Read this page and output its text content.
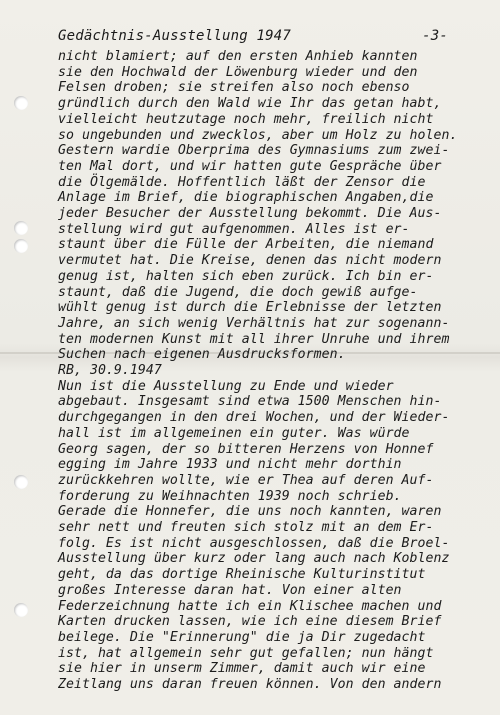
Gedächtnis-Ausstellung 1947	-3-
nicht blamiert; auf den ersten Anhieb kannten
sie den Hochwald der Löwenburg wieder und den
Felsen droben; sie streifen also noch ebenso
gründlich durch den Wald wie Ihr das getan habt,
vielleicht heutzutage noch mehr, freilich nicht
so ungebunden und zwecklos, aber um Holz zu holen.
Gestern wardie Oberprima des Gymnasiums zum zwei-
ten Mal dort, und wir hatten gute Gespräche über
die Ölgemälde. Hoffentlich läßt der Zensor die
Anlage im Brief, die biographischen Angaben,die
jeder Besucher der Ausstellung bekommt. Die Aus-
stellung wird gut aufgenommen. Alles ist er-
staunt über die Fülle der Arbeiten, die niemand
vermutet hat. Die Kreise, denen das nicht modern
genug ist, halten sich eben zurück. Ich bin er-
staunt, daß die Jugend, die doch gewiß aufge-
wühlt genug ist durch die Erlebnisse der letzten
Jahre, an sich wenig Verhältnis hat zur sogenann-
ten modernen Kunst mit all ihrer Unruhe und ihrem
Suchen nach eigenen Ausdrucksformen.
RB, 30.9.1947
Nun ist die Ausstellung zu Ende und wieder
abgebaut. Insgesamt sind etwa 1500 Menschen hin-
durchgegangen in den drei Wochen, und der Wieder-
hall ist im allgemeinen ein guter. Was würde
Georg sagen, der so bitteren Herzens von Honnef
egging im Jahre 1933 und nicht mehr dorthin
zurückkehren wollte, wie er Thea auf deren Auf-
forderung zu Weihnachten 1939 noch schrieb.
Gerade die Honnefer, die uns noch kannten, waren
sehr nett und freuten sich stolz mit an dem Er-
folg. Es ist nicht ausgeschlossen, daß die Broel-
Ausstellung über kurz oder lang auch nach Koblenz
geht, da das dortige Rheinische Kulturinstitut
großes Interesse daran hat. Von einer alten
Federzeichnung hatte ich ein Klischee machen und
Karten drucken lassen, wie ich eine diesem Brief
beilege. Die "Erinnerung" die ja Dir zugedacht
ist, hat allgemein sehr gut gefallen; nun hängt
sie hier in unserm Zimmer, damit auch wir eine
Zeitlang uns daran freuen können. Von den andern
